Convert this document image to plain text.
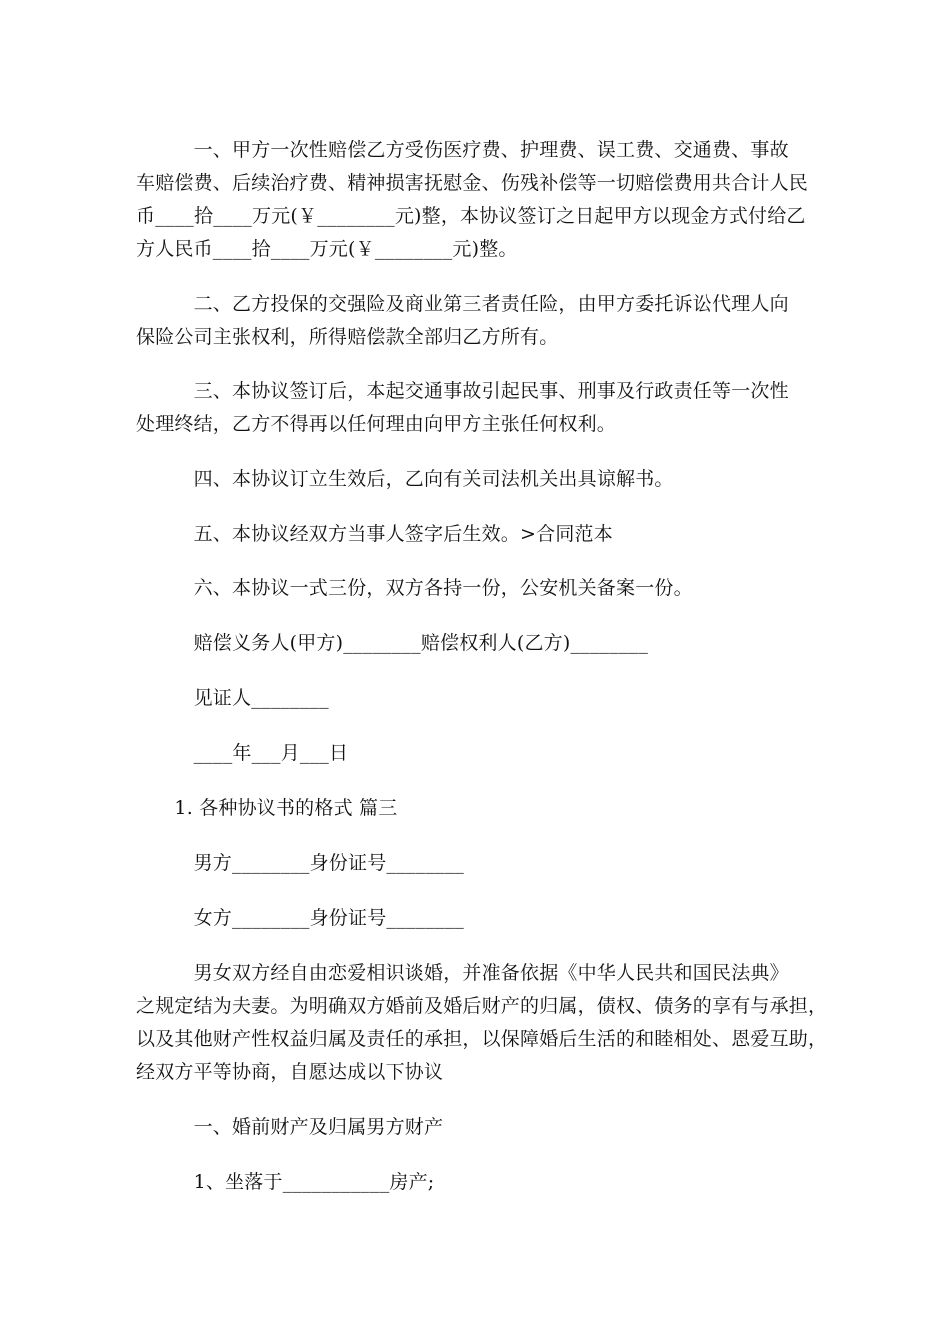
　　　一、甲方一次性赔偿乙方受伤医疗费、护理费、误工费、交通费、事故
车赔偿费、后续治疗费、精神损害抚慰金、伤残补偿等一切赔偿费用共合计人民
币____拾____万元(￥________元)整，本协议签订之日起甲方以现金方式付给乙
方人民币____拾____万元(￥________元)整。
　　　二、乙方投保的交强险及商业第三者责任险，由甲方委托诉讼代理人向
保险公司主张权利，所得赔偿款全部归乙方所有。
　　　三、本协议签订后，本起交通事故引起民事、刑事及行政责任等一次性
处理终结，乙方不得再以任何理由向甲方主张任何权利。
　　　四、本协议订立生效后，乙向有关司法机关出具谅解书。
　　　五、本协议经双方当事人签字后生效。>合同范本
　　　六、本协议一式三份，双方各持一份，公安机关备案一份。
　　　赔偿义务人(甲方)________赔偿权利人(乙方)________
　　　见证人________
　　　____年___月___日
　　1. 各种协议书的格式 篇三
　　　男方________身份证号________
　　　女方________身份证号________
　　　男女双方经自由恋爱相识谈婚，并准备依据《中华人民共和国民法典》
之规定结为夫妻。为明确双方婚前及婚后财产的归属，债权、债务的享有与承担，
以及其他财产性权益归属及责任的承担，以保障婚后生活的和睦相处、恩爱互助，
经双方平等协商，自愿达成以下协议
　　　一、婚前财产及归属男方财产
　　　1、坐落于___________房产;
